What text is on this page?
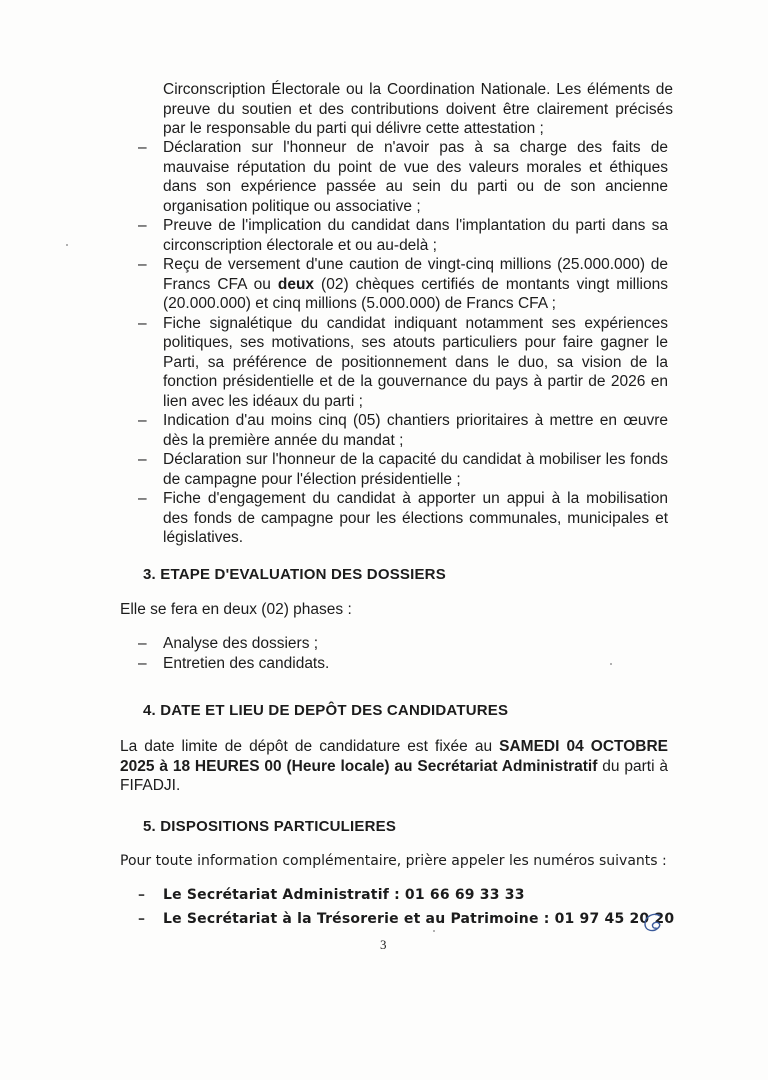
Circonscription Électorale ou la Coordination Nationale. Les éléments de preuve du soutien et des contributions doivent être clairement précisés par le responsable du parti qui délivre cette attestation ;

– Déclaration sur l'honneur de n'avoir pas à sa charge des faits de mauvaise réputation du point de vue des valeurs morales et éthiques dans son expérience passée au sein du parti ou de son ancienne organisation politique ou associative ;
– Preuve de l'implication du candidat dans l'implantation du parti dans sa circonscription électorale et ou au-delà ;
– Reçu de versement d'une caution de vingt-cinq millions (25.000.000) de Francs CFA ou deux (02) chèques certifiés de montants vingt millions (20.000.000) et cinq millions (5.000.000) de Francs CFA ;
– Fiche signalétique du candidat indiquant notamment ses expériences politiques, ses motivations, ses atouts particuliers pour faire gagner le Parti, sa préférence de positionnement dans le duo, sa vision de la fonction présidentielle et de la gouvernance du pays à partir de 2026 en lien avec les idéaux du parti ;
– Indication d'au moins cinq (05) chantiers prioritaires à mettre en œuvre dès la première année du mandat ;
– Déclaration sur l'honneur de la capacité du candidat à mobiliser les fonds de campagne pour l'élection présidentielle ;
– Fiche d'engagement du candidat à apporter un appui à la mobilisation des fonds de campagne pour les élections communales, municipales et législatives.
3. ETAPE D'EVALUATION DES DOSSIERS
Elle se fera en deux (02) phases :
– Analyse des dossiers ;
– Entretien des candidats.
4. DATE ET LIEU DE DEPÔT DES CANDIDATURES
La date limite de dépôt de candidature est fixée au SAMEDI 04 OCTOBRE 2025 à 18 HEURES 00 (Heure locale) au Secrétariat Administratif du parti à FIFADJI.
5. DISPOSITIONS PARTICULIERES
Pour toute information complémentaire, prière appeler les numéros suivants :
– Le Secrétariat Administratif : 01 66 69 33 33
– Le Secrétariat à la Trésorerie et au Patrimoine : 01 97 45 20 20
3
